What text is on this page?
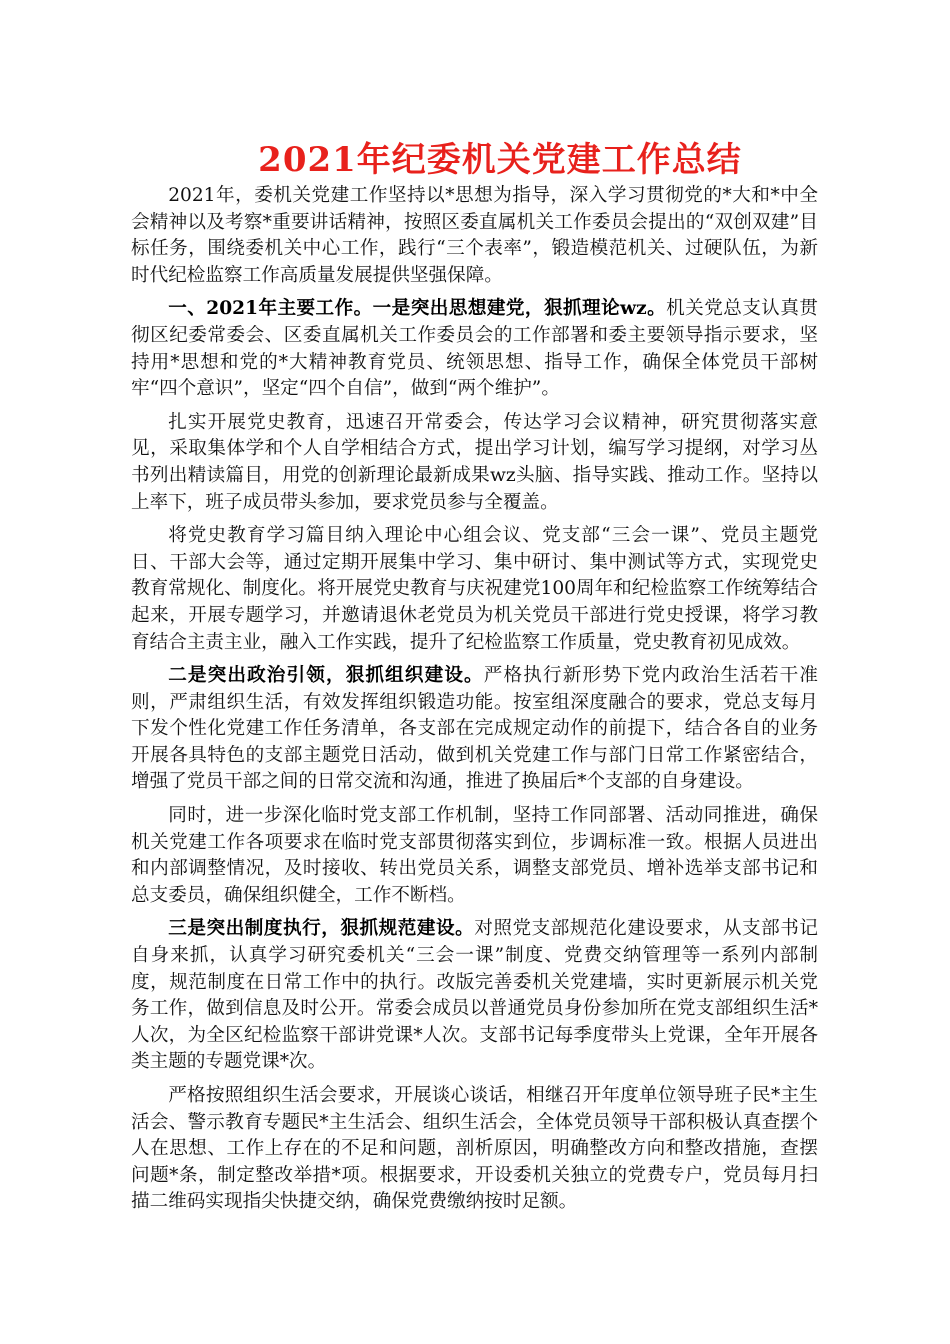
2021年纪委机关党建工作总结

2021年，委机关党建工作坚持以*思想为指导，深入学习贯彻党的*大和*中全会精神以及考察*重要讲话精神，按照区委直属机关工作委员会提出的“双创双建”目标任务，围绕委机关中心工作，践行“三个表率”，锻造模范机关、过硬队伍，为新时代纪检监察工作高质量发展提供坚强保障。

一、2021年主要工作。一是突出思想建党，狠抓理论wz。机关党总支认真贯彻区纪委常委会、区委直属机关工作委员会的工作部署和委主要领导指示要求，坚持用*思想和党的*大精神教育党员、统领思想、指导工作，确保全体党员干部树牢“四个意识”，坚定“四个自信”，做到“两个维护”。

扎实开展党史教育，迅速召开常委会，传达学习会议精神，研究贯彻落实意见，采取集体学和个人自学相结合方式，提出学习计划，编写学习提纲，对学习丛书列出精读篇目，用党的创新理论最新成果wz头脑、指导实践、推动工作。坚持以上率下，班子成员带头参加，要求党员参与全覆盖。

将党史教育学习篇目纳入理论中心组会议、党支部“三会一课”、党员主题党日、干部大会等，通过定期开展集中学习、集中研讨、集中测试等方式，实现党史教育常规化、制度化。将开展党史教育与庆祝建党100周年和纪检监察工作统筹结合起来，开展专题学习，并邀请退休老党员为机关党员干部进行党史授课，将学习教育结合主责主业，融入工作实践，提升了纪检监察工作质量，党史教育初见成效。

二是突出政治引领，狠抓组织建设。严格执行新形势下党内政治生活若干准则，严肃组织生活，有效发挥组织锻造功能。按室组深度融合的要求，党总支每月下发个性化党建工作任务清单，各支部在完成规定动作的前提下，结合各自的业务开展各具特色的支部主题党日活动，做到机关党建工作与部门日常工作紧密结合，增强了党员干部之间的日常交流和沟通，推进了换届后*个支部的自身建设。

同时，进一步深化临时党支部工作机制，坚持工作同部署、活动同推进，确保机关党建工作各项要求在临时党支部贯彻落实到位，步调标准一致。根据人员进出和内部调整情况，及时接收、转出党员关系，调整支部党员、增补选举支部书记和总支委员，确保组织健全，工作不断档。

三是突出制度执行，狠抓规范建设。对照党支部规范化建设要求，从支部书记自身来抓，认真学习研究委机关“三会一课”制度、党费交纳管理等一系列内部制度，规范制度在日常工作中的执行。改版完善委机关党建墙，实时更新展示机关党务工作，做到信息及时公开。常委会成员以普通党员身份参加所在党支部组织生活*人次，为全区纪检监察干部讲党课*人次。支部书记每季度带头上党课，全年开展各类主题的专题党课*次。

严格按照组织生活会要求，开展谈心谈话，相继召开年度单位领导班子民*主生活会、警示教育专题民*主生活会、组织生活会，全体党员领导干部积极认真查摆个人在思想、工作上存在的不足和问题，剖析原因，明确整改方向和整改措施，查摆问题*条，制定整改举措*项。根据要求，开设委机关独立的党费专户，党员每月扫描二维码实现指尖快捷交纳，确保党费缴纳按时足额。
